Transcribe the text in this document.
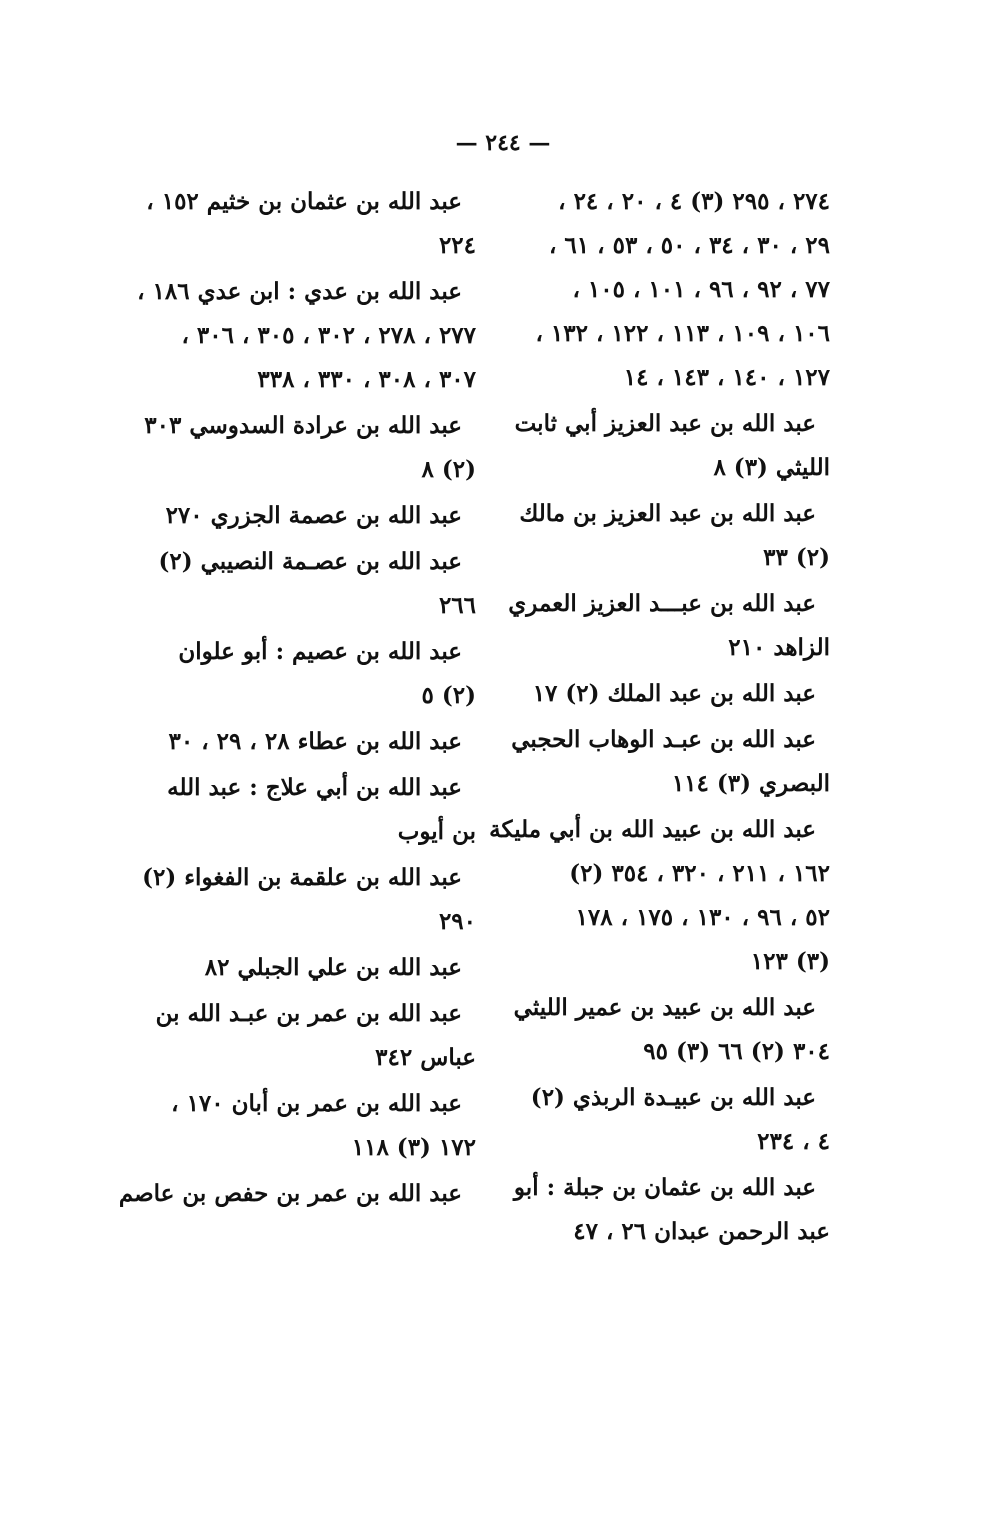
— ٢٤٤ —
٢٧٤ ، ٢٩٥ (٣) ٤ ، ٢٠ ، ٢٤ ،
٢٩ ، ٣٠ ، ٣٤ ، ٥٠ ، ٥٣ ، ٦١ ،
٧٧ ، ٩٢ ، ٩٦ ، ١٠١ ، ١٠٥ ،
١٠٦ ، ١٠٩ ، ١١٣ ، ١٢٢ ، ١٣٢ ،
١٢٧ ، ١٤٠ ، ١٤٣ ، ١٤
عبد الله بن عبد العزيز أبي ثابت
الليثي (٣) ٨
عبد الله بن عبد العزيز بن مالك
(٢) ٣٣
عبد الله بن عبـــد العزيز العمري
الزاهد ٢١٠
عبد الله بن عبد الملك (٢) ١٧
عبد الله بن عبـد الوهاب الحجبي
البصري (٣) ١١٤
عبد الله بن عبيد الله بن أبي مليكة
١٦٢ ، ٢١١ ، ٣٢٠ ، ٣٥٤ (٢)
٥٢ ، ٩٦ ، ١٣٠ ، ١٧٥ ، ١٧٨
(٣) ١٢٣
عبد الله بن عبيد بن عمير الليثي
٣٠٤ (٢) ٦٦ (٣) ٩٥
عبد الله بن عبيـدة الربذي (٢)
٤ ، ٢٣٤
عبد الله بن عثمان بن جبلة : أبو
عبد الرحمن عبدان ٢٦ ، ٤٧
عبد الله بن عثمان بن خثيم ١٥٢ ،
٢٢٤
عبد الله بن عدي : ابن عدي ١٨٦ ،
٢٧٧ ، ٢٧٨ ، ٣٠٢ ، ٣٠٥ ، ٣٠٦ ،
٣٠٧ ، ٣٠٨ ، ٣٣٠ ، ٣٣٨
عبد الله بن عرادة السدوسي ٣٠٣
(٢) ٨
عبد الله بن عصمة الجزري ٢٧٠
عبد الله بن عصـمة النصيبي (٢)
٢٦٦
عبد الله بن عصيم : أبو علوان
(٢) ٥
عبد الله بن عطاء ٢٨ ، ٢٩ ، ٣٠
عبد الله بن أبي علاج : عبد الله
بن أيوب
عبد الله بن علقمة بن الفغواء (٢)
٢٩٠
عبد الله بن علي الجبلي ٨٢
عبد الله بن عمر بن عبـد الله بن
عباس ٣٤٢
عبد الله بن عمر بن أبان ١٧٠ ،
١٧٢ (٣) ١١٨
عبد الله بن عمر بن حفص بن عاصم
